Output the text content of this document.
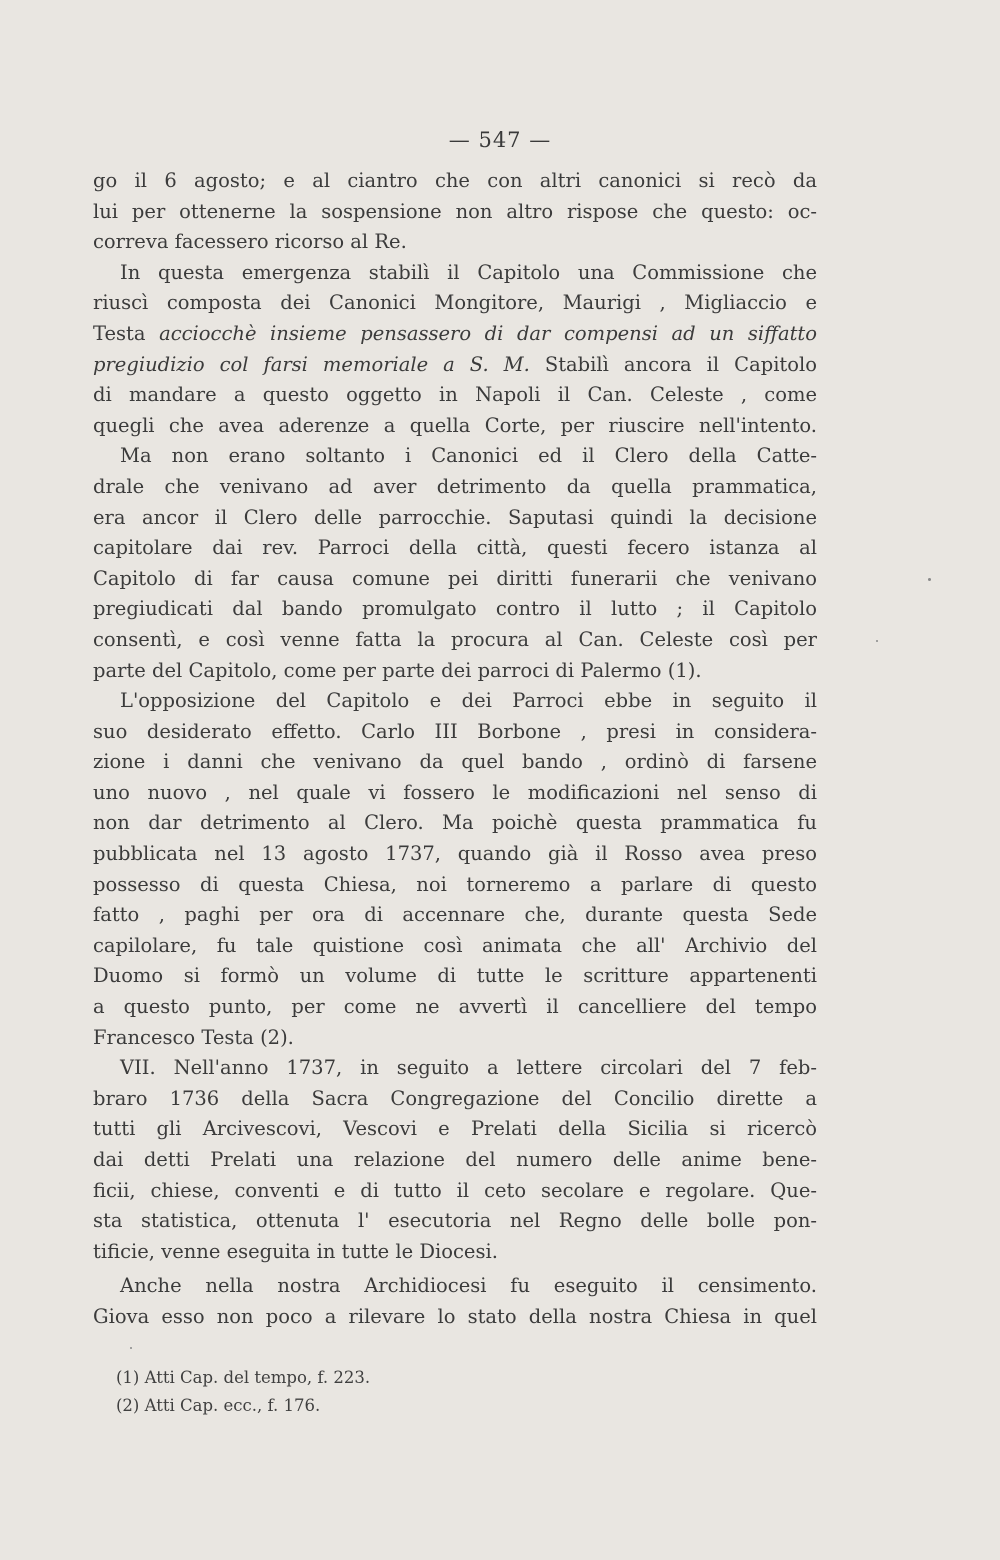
— 547 —
go il 6 agosto; e al ciantro che con altri canonici si recò da
lui per ottenerne la sospensione non altro rispose che questo: oc-
correva facessero ricorso al Re.
In questa emergenza stabilì il Capitolo una Commissione che
riuscì composta dei Canonici Mongitore, Maurigi , Migliaccio e
Testa acciocchè insieme pensassero di dar compensi ad un siffatto
pregiudizio col farsi memoriale a S. M. Stabilì ancora il Capitolo
di mandare a questo oggetto in Napoli il Can. Celeste , come
quegli che avea aderenze a quella Corte, per riuscire nell'intento.
Ma non erano soltanto i Canonici ed il Clero della Catte-
drale che venivano ad aver detrimento da quella prammatica,
era ancor il Clero delle parrocchie. Saputasi quindi la decisione
capitolare dai rev. Parroci della città, questi fecero istanza al
Capitolo di far causa comune pei diritti funerarii che venivano
pregiudicati dal bando promulgato contro il lutto ; il Capitolo
consentì, e così venne fatta la procura al Can. Celeste così per
parte del Capitolo, come per parte dei parroci di Palermo (1).
L'opposizione del Capitolo e dei Parroci ebbe in seguito il
suo desiderato effetto. Carlo III Borbone , presi in considera-
zione i danni che venivano da quel bando , ordinò di farsene
uno nuovo , nel quale vi fossero le modificazioni nel senso di
non dar detrimento al Clero. Ma poichè questa prammatica fu
pubblicata nel 13 agosto 1737, quando già il Rosso avea preso
possesso di questa Chiesa, noi torneremo a parlare di questo
fatto , paghi per ora di accennare che, durante questa Sede
capilolare, fu tale quistione così animata che all' Archivio del
Duomo si formò un volume di tutte le scritture appartenenti
a questo punto, per come ne avvertì il cancelliere del tempo
Francesco Testa (2).
VII. Nell'anno 1737, in seguito a lettere circolari del 7 feb-
braro 1736 della Sacra Congregazione del Concilio dirette a
tutti gli Arcivescovi, Vescovi e Prelati della Sicilia si ricercò
dai detti Prelati una relazione del numero delle anime bene-
ficii, chiese, conventi e di tutto il ceto secolare e regolare. Que-
sta statistica, ottenuta l' esecutoria nel Regno delle bolle pon-
tificie, venne eseguita in tutte le Diocesi.
Anche nella nostra Archidiocesi fu eseguito il censimento.
Giova esso non poco a rilevare lo stato della nostra Chiesa in quel
(1) Atti Cap. del tempo, f. 223.
(2) Atti Cap. ecc., f. 176.
